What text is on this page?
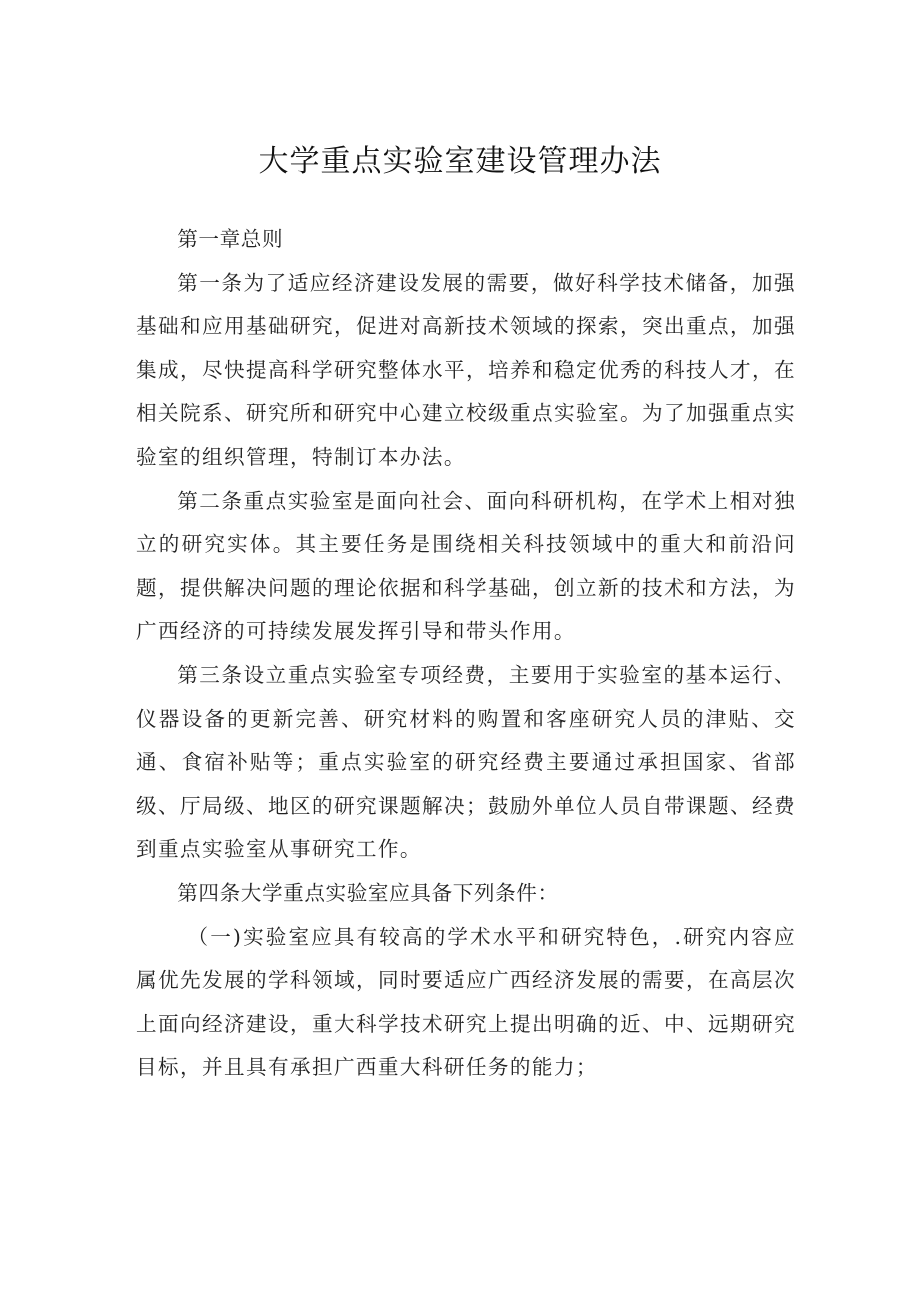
大学重点实验室建设管理办法

第一章总则

第一条为了适应经济建设发展的需要，做好科学技术储备，加强基础和应用基础研究，促进对高新技术领域的探索，突出重点，加强集成，尽快提高科学研究整体水平，培养和稳定优秀的科技人才，在相关院系、研究所和研究中心建立校级重点实验室。为了加强重点实验室的组织管理，特制订本办法。

第二条重点实验室是面向社会、面向科研机构，在学术上相对独立的研究实体。其主要任务是围绕相关科技领域中的重大和前沿问题，提供解决问题的理论依据和科学基础，创立新的技术和方法，为广西经济的可持续发展发挥引导和带头作用。

第三条设立重点实验室专项经费，主要用于实验室的基本运行、仪器设备的更新完善、研究材料的购置和客座研究人员的津贴、交通、食宿补贴等；重点实验室的研究经费主要通过承担国家、省部级、厅局级、地区的研究课题解决；鼓励外单位人员自带课题、经费到重点实验室从事研究工作。

第四条大学重点实验室应具备下列条件：

（一)实验室应具有较高的学术水平和研究特色，.研究内容应属优先发展的学科领域，同时要适应广西经济发展的需要，在高层次上面向经济建设，重大科学技术研究上提出明确的近、中、远期研究目标，并且具有承担广西重大科研任务的能力；
